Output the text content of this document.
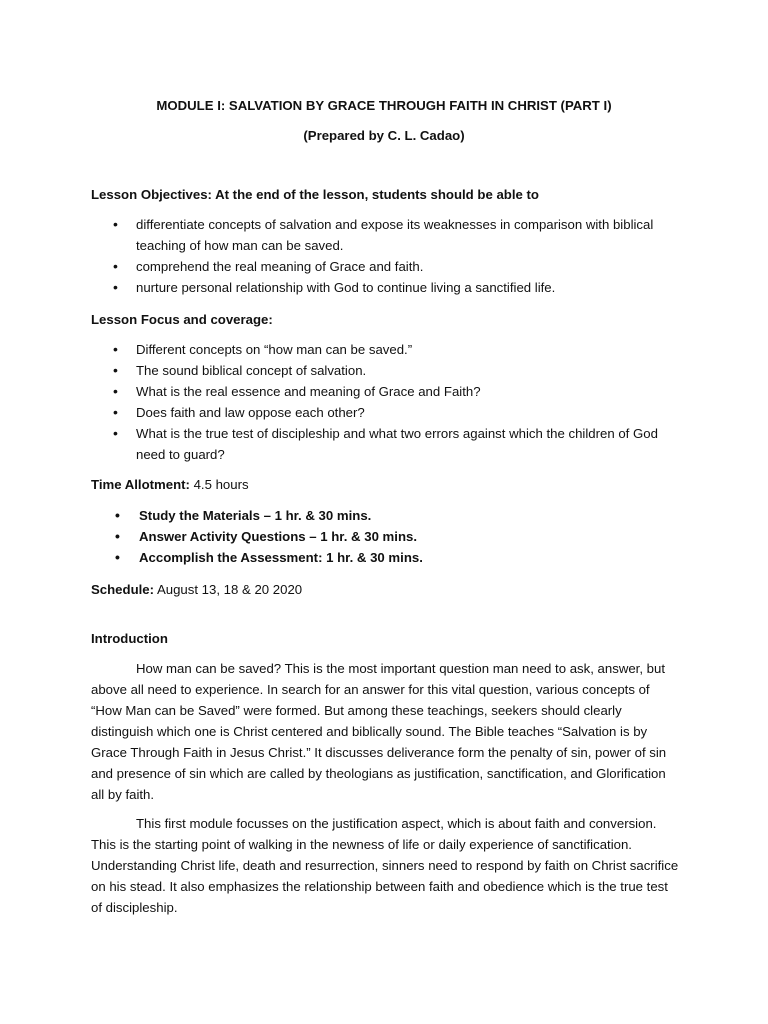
MODULE I: SALVATION BY GRACE THROUGH FAITH IN CHRIST (PART I)
(Prepared by C. L. Cadao)
Lesson Objectives: At the end of the lesson, students should be able to
• differentiate concepts of salvation and expose its weaknesses in comparison with biblical teaching of how man can be saved.
• comprehend the real meaning of Grace and faith.
• nurture personal relationship with God to continue living a sanctified life.
Lesson Focus and coverage:
• Different concepts on “how man can be saved.”
• The sound biblical concept of salvation.
• What is the real essence and meaning of Grace and Faith?
• Does faith and law oppose each other?
• What is the true test of discipleship and what two errors against which the children of God need to guard?
Time Allotment: 4.5 hours
• Study the Materials – 1 hr. & 30 mins.
• Answer Activity Questions – 1 hr. & 30 mins.
• Accomplish the Assessment: 1 hr. & 30 mins.
Schedule: August 13, 18 & 20 2020
Introduction

How man can be saved? This is the most important question man need to ask, answer, but above all need to experience. In search for an answer for this vital question, various concepts of “How Man can be Saved” were formed. But among these teachings, seekers should clearly distinguish which one is Christ centered and biblically sound. The Bible teaches “Salvation is by Grace Through Faith in Jesus Christ.” It discusses deliverance form the penalty of sin, power of sin and presence of sin which are called by theologians as justification, sanctification, and Glorification all by faith.

This first module focusses on the justification aspect, which is about faith and conversion. This is the starting point of walking in the newness of life or daily experience of sanctification. Understanding Christ life, death and resurrection, sinners need to respond by faith on Christ sacrifice on his stead. It also emphasizes the relationship between faith and obedience which is the true test of discipleship.
